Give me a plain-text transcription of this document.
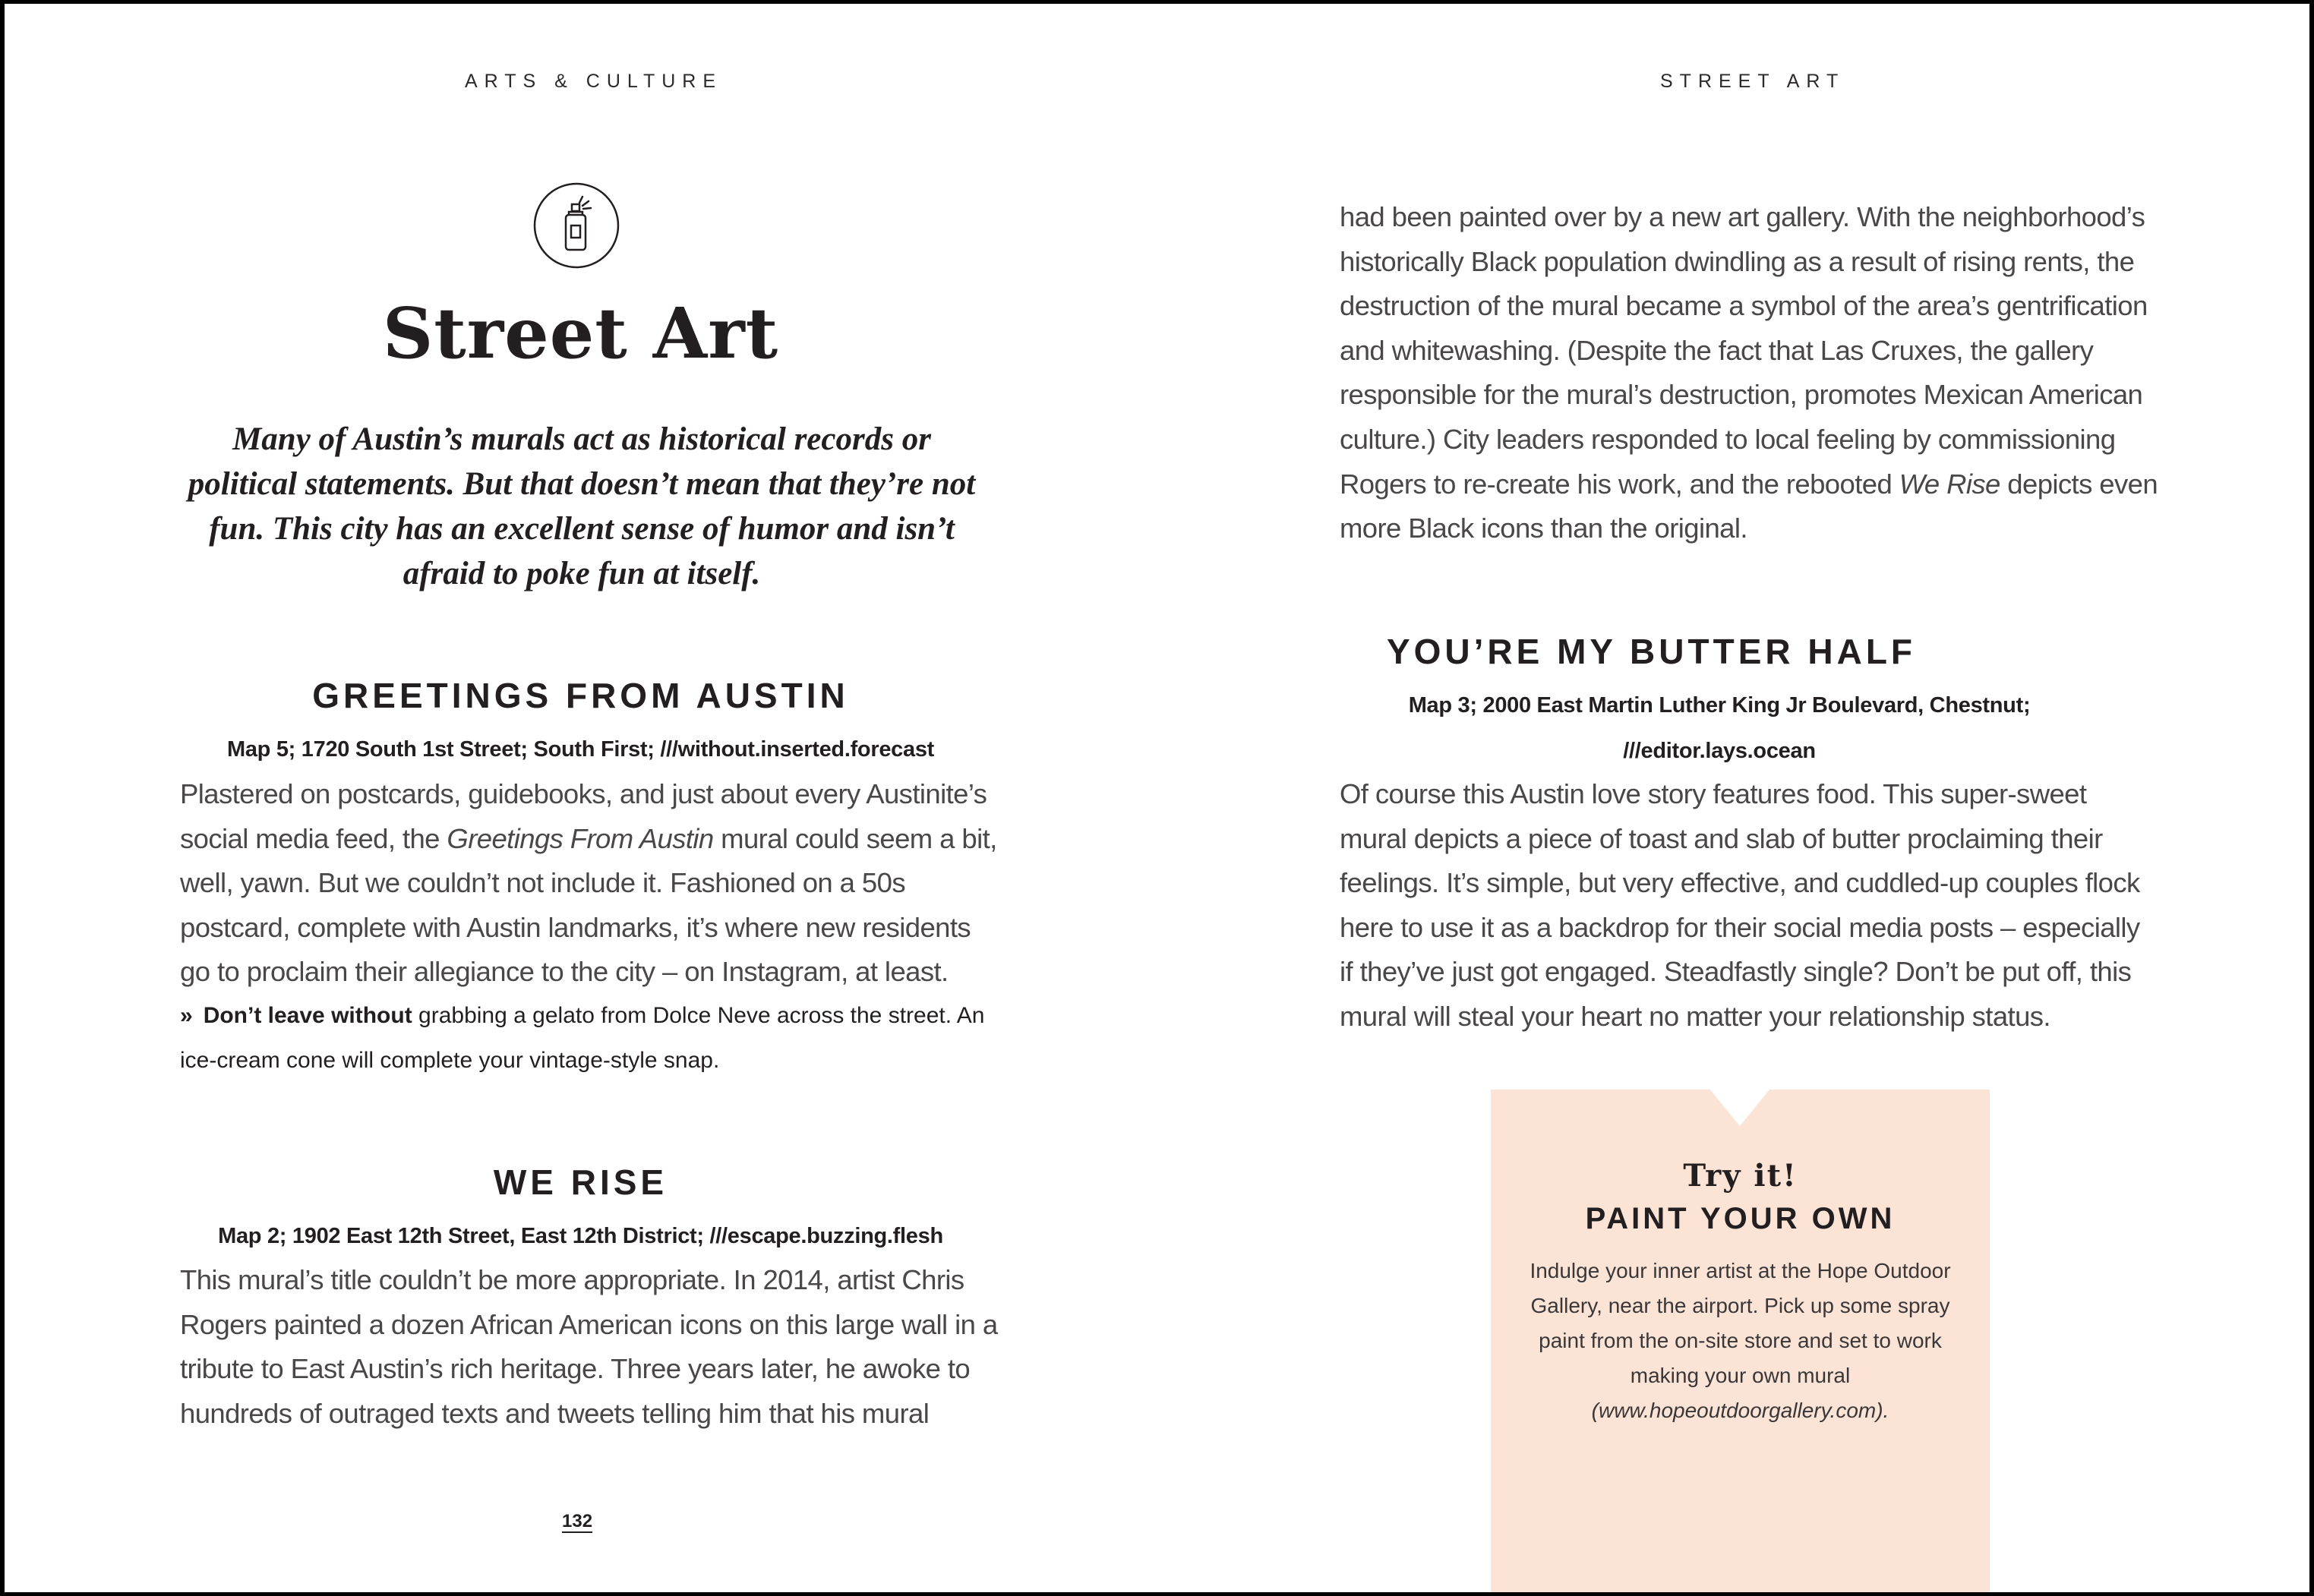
ARTS & CULTURE
Street Art

Many of Austin’s murals act as historical records or political statements. But that doesn’t mean that they’re not fun. This city has an excellent sense of humor and isn’t afraid to poke fun at itself.

GREETINGS FROM AUSTIN

Map 5; 1720 South 1st Street; South First; ///without.inserted.forecast

Plastered on postcards, guidebooks, and just about every Austinite’s social media feed, the Greetings From Austin mural could seem a bit, well, yawn. But we couldn’t not include it. Fashioned on a 50s postcard, complete with Austin landmarks, it’s where new residents go to proclaim their allegiance to the city – on Instagram, at least.

» Don’t leave without grabbing a gelato from Dolce Neve across the street. An ice-cream cone will complete your vintage-style snap.

WE RISE

Map 2; 1902 East 12th Street, East 12th District; ///escape.buzzing.flesh

This mural’s title couldn’t be more appropriate. In 2014, artist Chris Rogers painted a dozen African American icons on this large wall in a tribute to East Austin’s rich heritage. Three years later, he awoke to hundreds of outraged texts and tweets telling him that his mural

132
STREET ART

had been painted over by a new art gallery. With the neighborhood’s historically Black population dwindling as a result of rising rents, the destruction of the mural became a symbol of the area’s gentrification and whitewashing. (Despite the fact that Las Cruxes, the gallery responsible for the mural’s destruction, promotes Mexican American culture.) City leaders responded to local feeling by commissioning Rogers to re-create his work, and the rebooted We Rise depicts even more Black icons than the original.

YOU’RE MY BUTTER HALF

Map 3; 2000 East Martin Luther King Jr Boulevard, Chestnut;
///editor.lays.ocean

Of course this Austin love story features food. This super-sweet mural depicts a piece of toast and slab of butter proclaiming their feelings. It’s simple, but very effective, and cuddled-up couples flock here to use it as a backdrop for their social media posts – especially if they’ve just got engaged. Steadfastly single? Don’t be put off, this mural will steal your heart no matter your relationship status.

Try it!

PAINT YOUR OWN

Indulge your inner artist at the Hope Outdoor Gallery, near the airport. Pick up some spray paint from the on-site store and set to work making your own mural (www.hopeoutdoorgallery.com).
